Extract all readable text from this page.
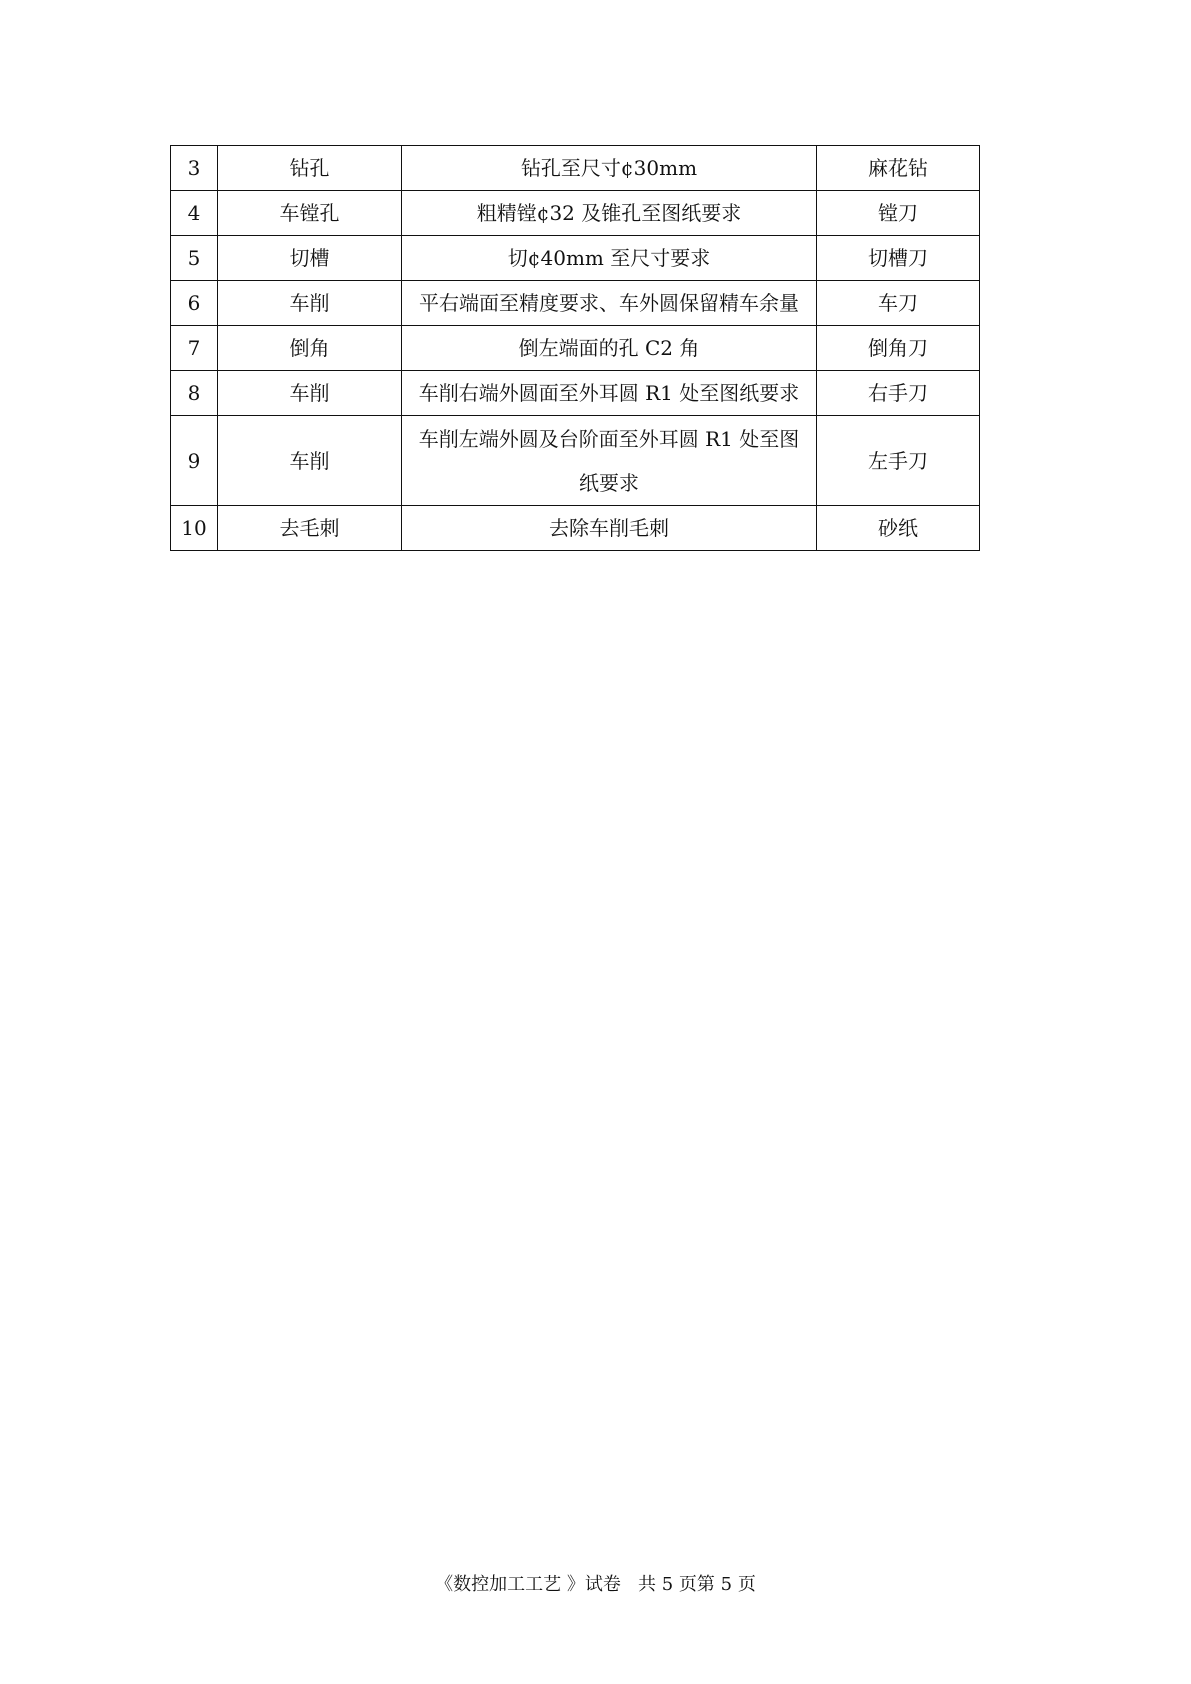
3	钻孔	钻孔至尺寸¢30mm	麻花钻
4	车镗孔	粗精镗¢32 及锥孔至图纸要求	镗刀
5	切槽	切¢40mm 至尺寸要求	切槽刀
6	车削	平右端面至精度要求、车外圆保留精车余量	车刀
7	倒角	倒左端面的孔 C2 角	倒角刀
8	车削	车削右端外圆面至外耳圆 R1 处至图纸要求	右手刀
9	车削	车削左端外圆及台阶面至外耳圆 R1 处至图纸要求	左手刀
10	去毛刺	去除车削毛刺	砂纸
《数控加工工艺 》试卷   共 5 页第 5 页
